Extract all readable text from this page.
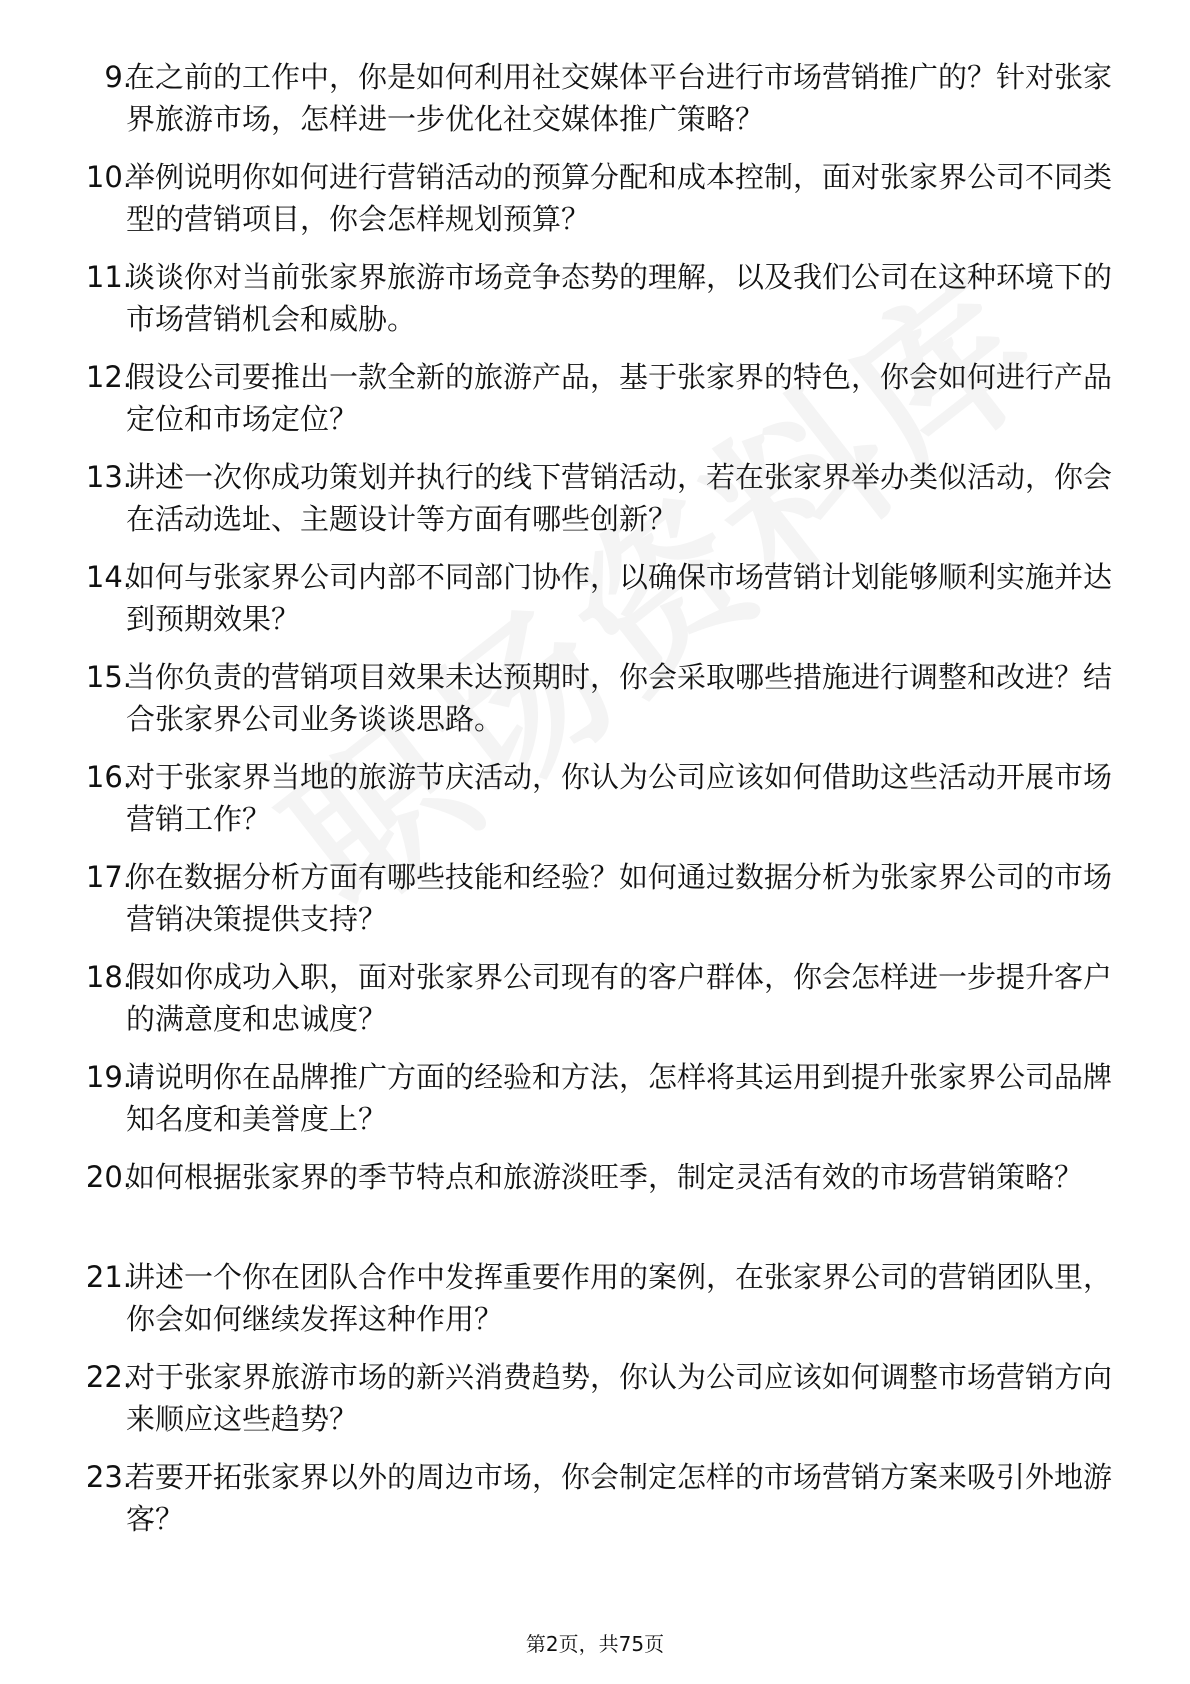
9.
在之前的工作中，你是如何利用社交媒体平台进行市场营销推广的？针对张家界旅游市场，怎样进一步优化社交媒体推广策略？
10.
举例说明你如何进行营销活动的预算分配和成本控制，面对张家界公司不同类型的营销项目，你会怎样规划预算？
11.
谈谈你对当前张家界旅游市场竞争态势的理解，以及我们公司在这种环境下的市场营销机会和威胁。
12.
假设公司要推出一款全新的旅游产品，基于张家界的特色，你会如何进行产品定位和市场定位？
13.
讲述一次你成功策划并执行的线下营销活动，若在张家界举办类似活动，你会在活动选址、主题设计等方面有哪些创新？
14.
如何与张家界公司内部不同部门协作，以确保市场营销计划能够顺利实施并达到预期效果？
15.
当你负责的营销项目效果未达预期时，你会采取哪些措施进行调整和改进？结合张家界公司业务谈谈思路。
16.
对于张家界当地的旅游节庆活动，你认为公司应该如何借助这些活动开展市场营销工作？
17.
你在数据分析方面有哪些技能和经验？如何通过数据分析为张家界公司的市场营销决策提供支持？
18.
假如你成功入职，面对张家界公司现有的客户群体，你会怎样进一步提升客户的满意度和忠诚度？
19.
请说明你在品牌推广方面的经验和方法，怎样将其运用到提升张家界公司品牌知名度和美誉度上？
20.
如何根据张家界的季节特点和旅游淡旺季，制定灵活有效的市场营销策略？
21.
讲述一个你在团队合作中发挥重要作用的案例，在张家界公司的营销团队里，你会如何继续发挥这种作用？
22.
对于张家界旅游市场的新兴消费趋势，你认为公司应该如何调整市场营销方向来顺应这些趋势？
23.
若要开拓张家界以外的周边市场，你会制定怎样的市场营销方案来吸引外地游客？
第2页，共75页
